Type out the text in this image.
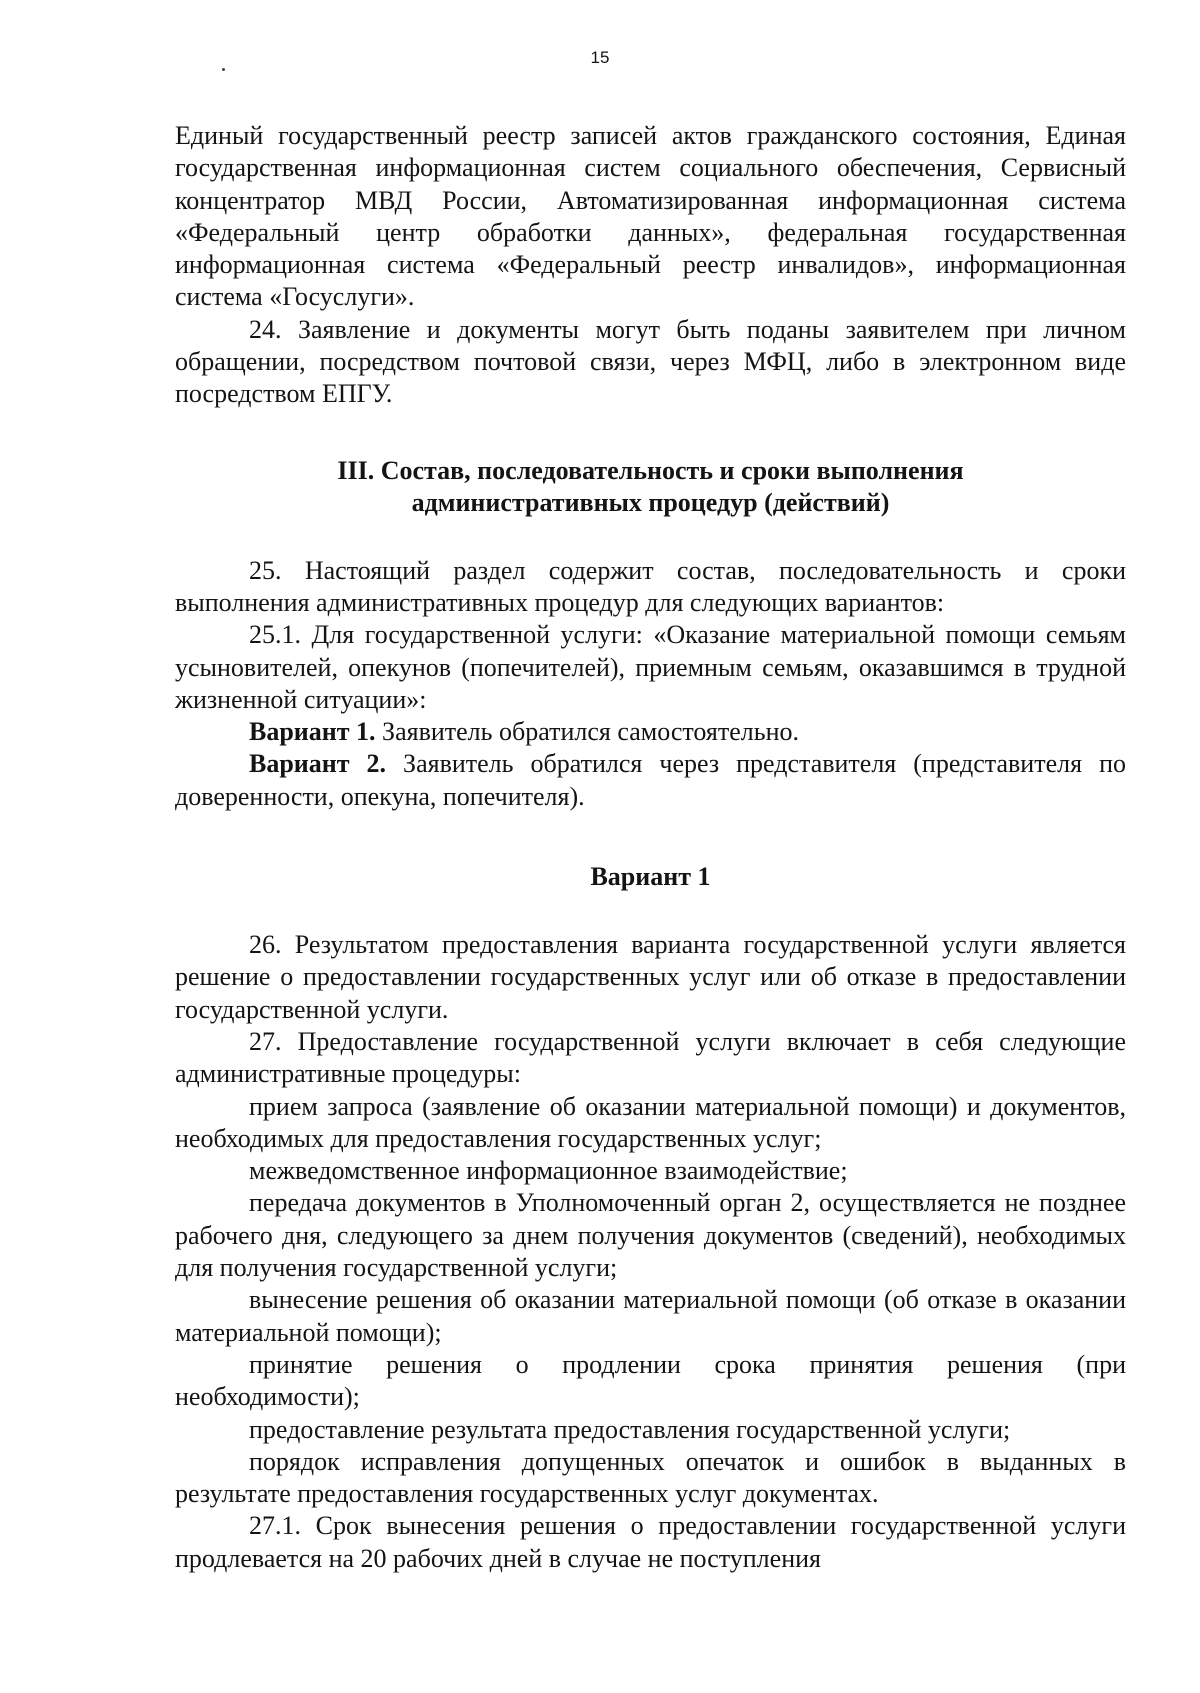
15

Единый государственный реестр записей актов гражданского состояния, Единая государственная информационная систем социального обеспечения, Сервисный концентратор МВД России, Автоматизированная информационная система «Федеральный центр обработки данных», федеральная государственная информационная система «Федеральный реестр инвалидов», информационная система «Госуслуги».

24. Заявление и документы могут быть поданы заявителем при личном обращении, посредством почтовой связи, через МФЦ, либо в электронном виде посредством ЕПГУ.

III. Состав, последовательность и сроки выполнения
административных процедур (действий)

25. Настоящий раздел содержит состав, последовательность и сроки выполнения административных процедур для следующих вариантов:

25.1. Для государственной услуги: «Оказание материальной помощи семьям усыновителей, опекунов (попечителей), приемным семьям, оказавшимся в трудной жизненной ситуации»:

Вариант 1. Заявитель обратился самостоятельно.

Вариант 2. Заявитель обратился через представителя (представителя по доверенности, опекуна, попечителя).

Вариант 1

26. Результатом предоставления варианта государственной услуги является решение о предоставлении государственных услуг или об отказе в предоставлении государственной услуги.

27. Предоставление государственной услуги включает в себя следующие административные процедуры:

прием запроса (заявление об оказании материальной помощи) и документов, необходимых для предоставления государственных услуг;

межведомственное информационное взаимодействие;

передача документов в Уполномоченный орган 2, осуществляется не позднее рабочего дня, следующего за днем получения документов (сведений), необходимых для получения государственной услуги;

вынесение решения об оказании материальной помощи (об отказе в оказании материальной помощи);

принятие решения о продлении срока принятия решения (при необходимости);

предоставление результата предоставления государственной услуги;

порядок исправления допущенных опечаток и ошибок в выданных в результате предоставления государственных услуг документах.

27.1. Срок вынесения решения о предоставлении государственной услуги продлевается на 20 рабочих дней в случае не поступления
